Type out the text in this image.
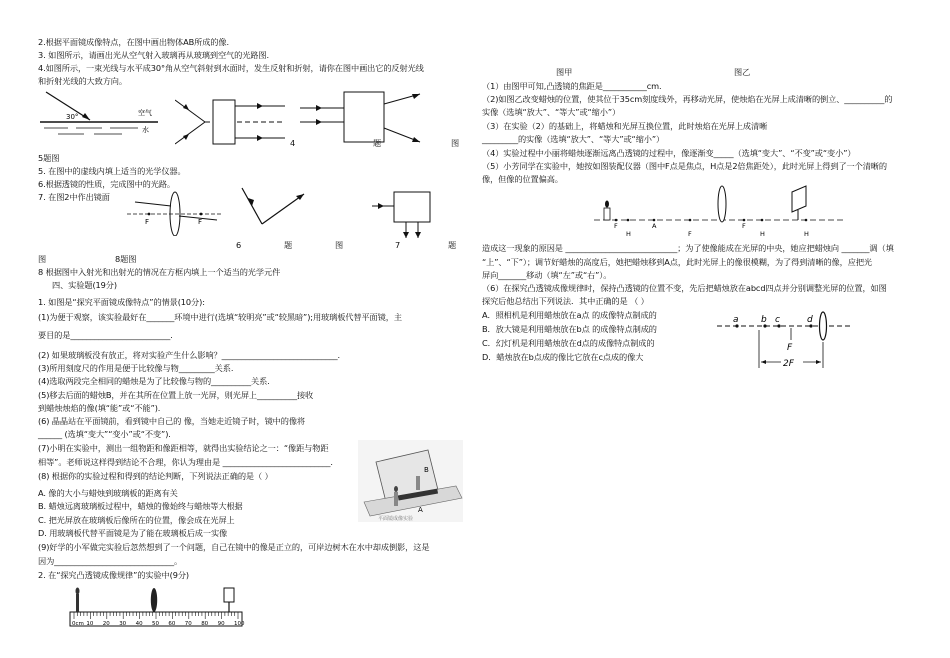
2.根据平面镜成像特点，在图中画出物体AB所成的像.
3. 如图所示，请画出光从空气射入玻璃再从玻璃到空气的光路图.
4.如图所示，一束光线与水平成30°角从空气斜射到水面时，发生反射和折射，请你在图中画出它的反射光线
和折射光线的大致方向。
30°	空气
水
4	题	图
5题图
5. 在图中的虚线内填上适当的光学仪器。
6.根据透镜的性质，完成图中的光路。
7. 在图2中作出镜面
F	F
6	题	图	7	题
图	8题图
8 根据图中入射光和出射光的情况在方框内填上一个适当的光学元件
四、实验题(19分)
1. 如图是“探究平面镜成像特点”的情景(10分):
(1)为便于观察，该实验最好在_______环境中进行(选填“较明亮”或“较黑暗”);用玻璃板代替平面镜，主
要目的是_________________________.
(2) 如果玻璃板没有放正，将对实验产生什么影响？_____________________________.
(3)所用刻度尺的作用是便于比较像与物_________关系.
(4)选取两段完全相同的蜡烛是为了比较像与物的__________关系.
(5)移去后面的蜡烛B，并在其所在位置上放一光屏，则光屏上__________接收
到蜡烛烛焰的像(填“能”或“不能”).
(6) 晶晶站在平面镜前，看到镜中自己的 像，当她走近镜子时，镜中的像将
______ (选填“变大”“变小”或“不变”).
(7)小明在实验中，测出一组物距和像距相等，就得出实验结论之一：“像距与物距
相等”。老师说这样得到结论不合理，你认为理由是 ___________________________.
(8) 根据你的实验过程和得到的结论判断，下列说法正确的是（ ）
B
A
平面镜成像实验
A. 像的大小与蜡烛到玻璃板的距离有关
B. 蜡烛远离玻璃板过程中，蜡烛的像始终与蜡烛等大根据
C. 把光屏放在玻璃板后像所在的位置，像会成在光屏上
D. 用玻璃板代替平面镜是为了能在玻璃板后成一实像
(9)好学的小军做完实验后忽然想到了一个问题，自己在镜中的像是正立的，可岸边树木在水中却成倒影，这是
因为______________________________。
2. 在“探究凸透镜成像规律”的实验中(9分)
0cm 10 20 30 40 50 60 70 80 90 100
图甲	图乙
（1）由图甲可知,凸透镜的焦距是___________cm.
（2)如图乙改变蜡烛的位置，使其位于35cm刻度线外，再移动光屏，使烛焰在光屏上成清晰的倒立、__________的
实像（选填“放大”、“等大”或“缩小”）
（3）在实验（2）的基础上，将蜡烛和光屏互换位置，此时烛焰在光屏上成清晰
_________的实像（选填“放大”、“等大”或“缩小”）
（4）实验过程中小丽将蜡烛逐渐远离凸透镜的过程中，像逐渐变_____（选填“变大”、“不变”或“变小”）
（5）小芳同学在实验中，她按如图装配仪器（图中F点是焦点，H点是2倍焦距处），此时光屏上得到了一个清晰的
像，但像的位置偏高。
F
H
A
F	H
F
H
造成这一现象的原因是 ____________________________；为了使像能成在光屏的中央，她应把蜡烛向 _______调（填
“上”、“下”）；调节好蜡烛的高度后，她把蜡烛移到A点，此时光屏上的像很模糊，为了得到清晰的像，应把光
屏向_______移动（填“左”或“右”）。
（6）在探究凸透镜成像规律时，保持凸透镜的位置不变，先后把蜡烛放在abcd四点并分别调整光屏的位置，如图
探究后他总结出下列说法．其中正确的是 （ ）
A．照相机是利用蜡烛放在a点 的成像特点制成的
B．放大镜是利用蜡烛放在b点 的成像特点制成的
C．幻灯机是利用蜡烛放在d点的成像特点制成的
D．蜡烛放在b点成的像比它放在c点成的像大
a b c	d
F
2F
